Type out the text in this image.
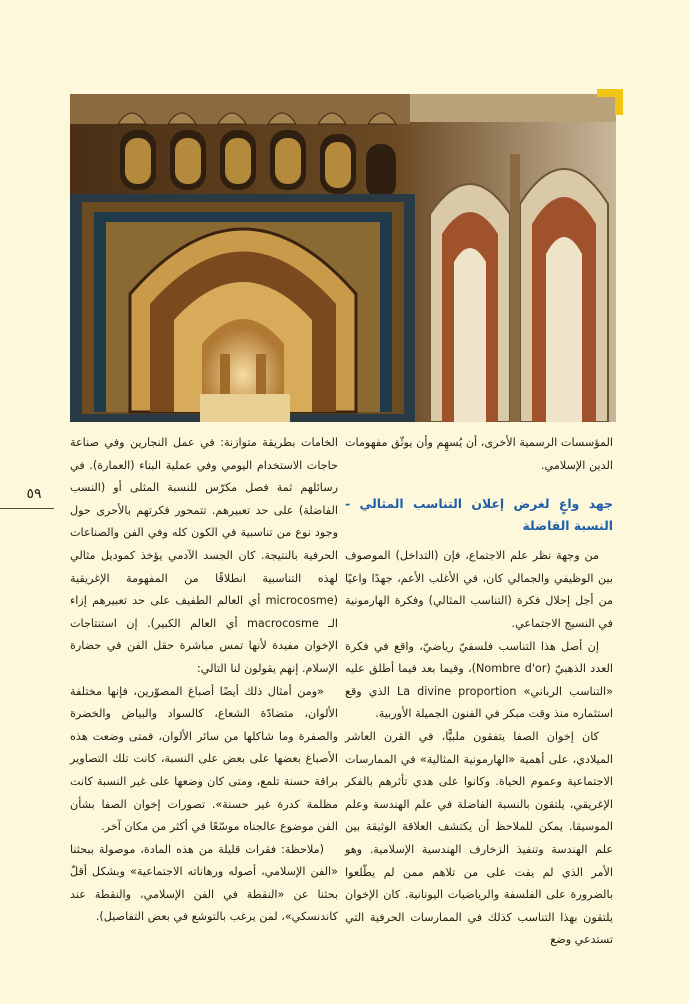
المؤسسات الرسمية الأخرى، أن يُسهِم وأن يوثّق مفهومات الدين الإسلامي.

جهد واعٍ لغرض إعلان التناسب المثالي - النسبة الفاضلة

من وجهة نظر علم الاجتماع، فإن (التداخل) الموصوف بين الوظيفي والجمالي كان، في الأغلب الأعم، جهدًا واعيًا من أجل إحلال فكرة (التناسب المثالي) وفكرة الهارمونية في النسيج الاجتماعي.

إن أصل هذا التناسب فلسفيّ رياضيّ، واقع في فكرة العدد الذهبيّ (Nombre d'or)، وفيما بعد فيما أطلق عليه «التناسب الرباني» La divine proportion الذي وقع استثماره منذ وقت مبكر في الفنون الجميلة الأوربية.

كان إخوان الصفا يتفقون ملبيًّا، في القرن العاشر الميلادي، على أهمية «الهارمونية المثالية» في الممارسات الاجتماعية وعموم الحياة. وكانوا على هدي تأثرهم بالفكر الإغريقي، يلتقون بالنسبة الفاضلة في علم الهندسة وعلم الموسيقا. يمكن للملاحظ أن يكتشف العلاقة الوثيقة بين علم الهندسة وتنفيذ الزخارف الهندسية الإسلامية. وهو الأمر الذي لم يفت على من تلاهم ممن لم يطّلعوا بالضرورة على الفلسفة والرياضيات اليونانية. كان الإخوان يلتقون بهذا التناسب كذلك في الممارسات الحرفية التي تستدعي وضع

الخامات بطريقة متوازنة: في عمل النجارين وفي صناعة حاجات الاستخدام اليومي وفي عملية البناء (العمارة). في رسائلهم ثمة فصل مكرّس للنسبة المثلى أو (النسب الفاضلة) على حد تعبيرهم. تتمحور فكرتهم بالأحرى حول وجود نوع من تناسبية في الكون كله وفي الفن والصناعات الحرفية بالنتيجة. كان الجسد الآدمي يؤخذ كموديل مثالي لهذه التناسبية انطلاقًا من المفهومة الإغريقية (microcosme أي العالم الطفيف على حد تعبيرهم إزاء الـ macrocosme أي العالم الكبير). إن استنتاجات الإخوان مفيدة لأنها تمس مباشرة حقل الفن في حضارة الإسلام. إنهم يقولون لنا التالي:

«ومن أمثال ذلك أيضًا أصباغ المصوّرين، فإنها مختلفة الألوان، متضادّة الشعاع، كالسواد والبياض والخضرة والصفرة وما شاكلها من سائر الألوان، فمتى وضعت هذه الأصباغ بعضها على بعض على النسبة، كانت تلك التصاوير براقة حسنة تلمع، ومتى كان وضعها على غير النسبة كانت مظلمة كدرة غير حسنة». تصورات إخوان الصفا بشأن الفن موضوع عالجناه موسّعًا في أكثر من مكان آخر.

(ملاحظة: فقرات قليلة من هذه المادة، موصولة ببحثنا «الفن الإسلامي، أصوله ورهاناته الاجتماعية» وبشكل أقلّ بحثنا عن «النقطة في الفن الإسلامي، والنقطة عند كاندنسكي»، لمن يرغب بالتوشع في بعض التفاصيل).

٥٩
